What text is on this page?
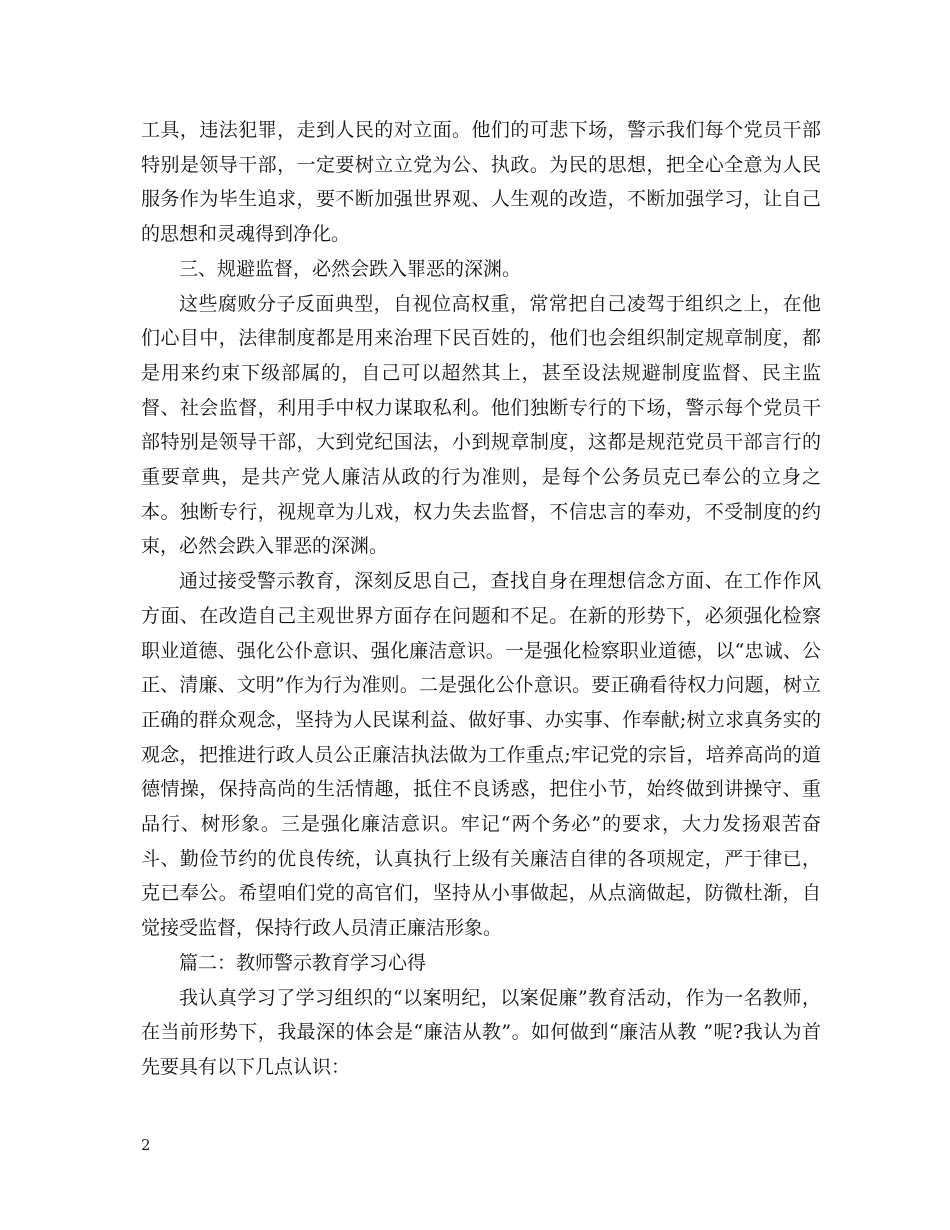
工具，违法犯罪，走到人民的对立面。他们的可悲下场，警示我们每个党员干部特别是领导干部，一定要树立立党为公、执政。为民的思想，把全心全意为人民服务作为毕生追求，要不断加强世界观、人生观的改造，不断加强学习，让自己的思想和灵魂得到净化。

三、规避监督，必然会跌入罪恶的深渊。

这些腐败分子反面典型，自视位高权重，常常把自己凌驾于组织之上，在他们心目中，法律制度都是用来治理下民百姓的，他们也会组织制定规章制度，都是用来约束下级部属的，自己可以超然其上，甚至设法规避制度监督、民主监督、社会监督，利用手中权力谋取私利。他们独断专行的下场，警示每个党员干部特别是领导干部，大到党纪国法，小到规章制度，这都是规范党员干部言行的重要章典，是共产党人廉洁从政的行为准则，是每个公务员克已奉公的立身之本。独断专行，视规章为儿戏，权力失去监督，不信忠言的奉劝，不受制度的约束，必然会跌入罪恶的深渊。

通过接受警示教育，深刻反思自己，查找自身在理想信念方面、在工作作风方面、在改造自己主观世界方面存在问题和不足。在新的形势下，必须强化检察职业道德、强化公仆意识、强化廉洁意识。一是强化检察职业道德，以“忠诚、公正、清廉、文明”作为行为准则。二是强化公仆意识。要正确看待权力问题，树立正确的群众观念，坚持为人民谋利益、做好事、办实事、作奉献;树立求真务实的观念，把推进行政人员公正廉洁执法做为工作重点;牢记党的宗旨，培养高尚的道德情操，保持高尚的生活情趣，抵住不良诱惑，把住小节，始终做到讲操守、重品行、树形象。三是强化廉洁意识。牢记“两个务必”的要求，大力发扬艰苦奋斗、勤俭节约的优良传统，认真执行上级有关廉洁自律的各项规定，严于律已，克已奉公。希望咱们党的高官们，坚持从小事做起，从点滴做起，防微杜渐，自觉接受监督，保持行政人员清正廉洁形象。

篇二：教师警示教育学习心得

我认真学习了学习组织的“以案明纪，以案促廉”教育活动，作为一名教师，在当前形势下，我最深的体会是“廉洁从教”。如何做到“廉洁从教 ”呢?我认为首先要具有以下几点认识：

2
